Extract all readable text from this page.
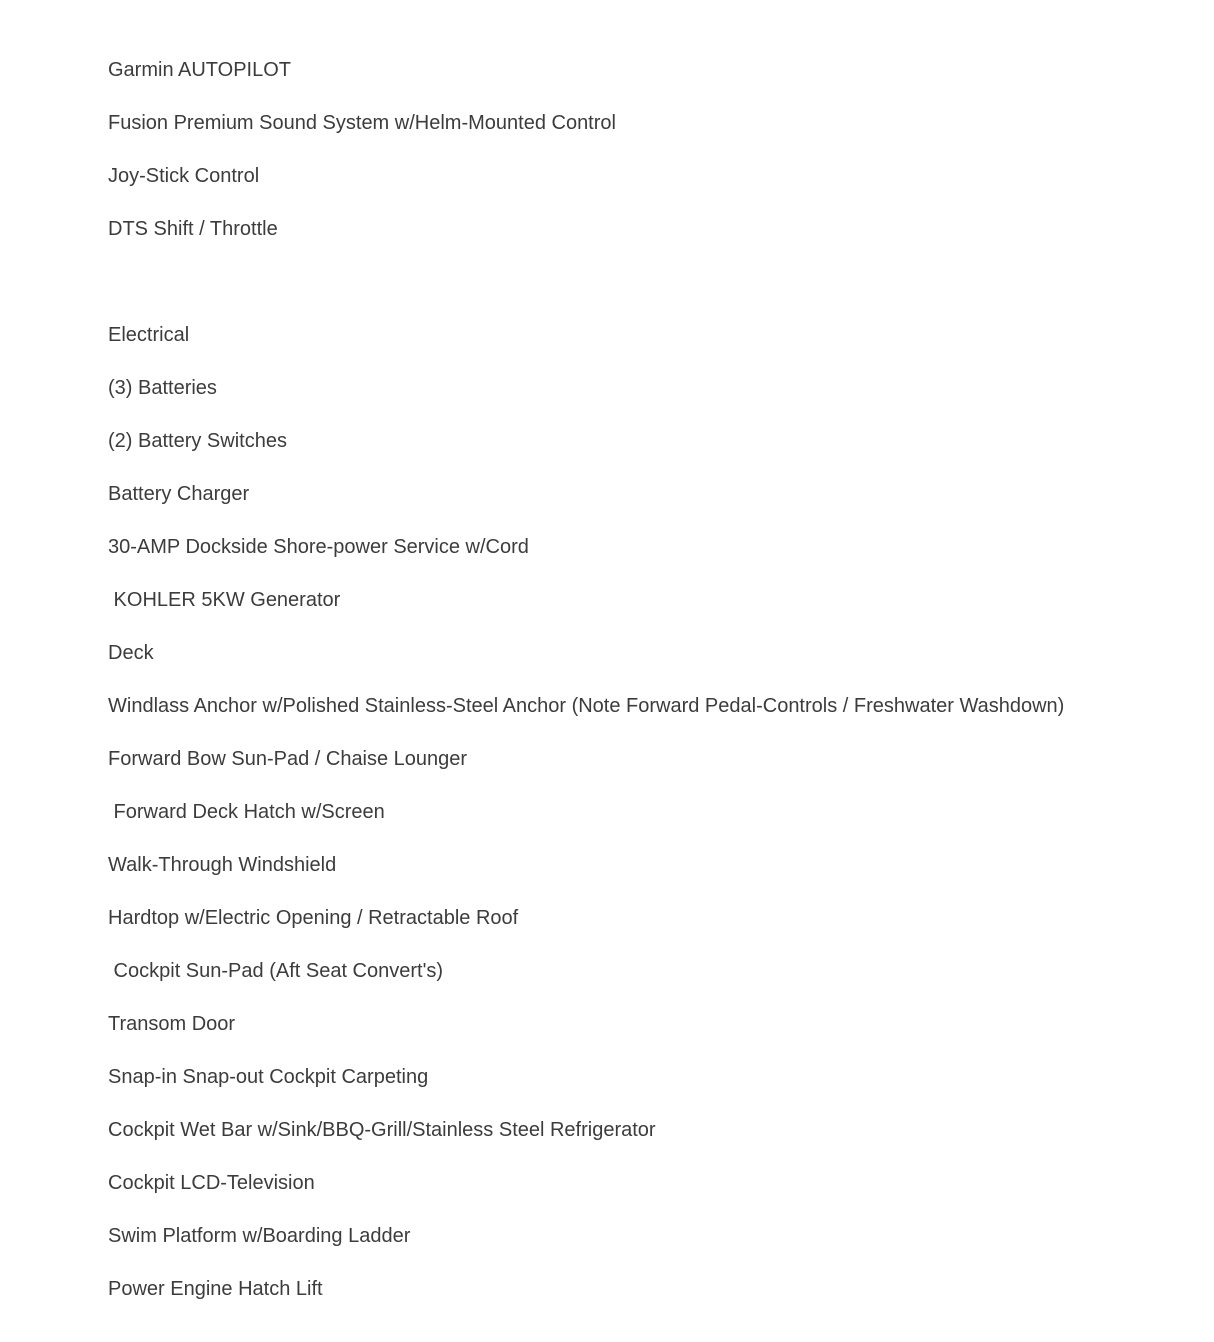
Garmin AUTOPILOT
Fusion Premium Sound System w/Helm-Mounted Control
Joy-Stick Control
DTS Shift / Throttle
Electrical
(3) Batteries
(2) Battery Switches
Battery Charger
30-AMP Dockside Shore-power Service w/Cord
KOHLER 5KW Generator
Deck
Windlass Anchor w/Polished Stainless-Steel Anchor (Note Forward Pedal-Controls / Freshwater Washdown)
Forward Bow Sun-Pad / Chaise Lounger
Forward Deck Hatch w/Screen
Walk-Through Windshield
Hardtop w/Electric Opening / Retractable Roof
Cockpit Sun-Pad (Aft Seat Convert's)
Transom Door
Snap-in Snap-out Cockpit Carpeting
Cockpit Wet Bar w/Sink/BBQ-Grill/Stainless Steel Refrigerator
Cockpit LCD-Television
Swim Platform w/Boarding Ladder
Power Engine Hatch Lift
